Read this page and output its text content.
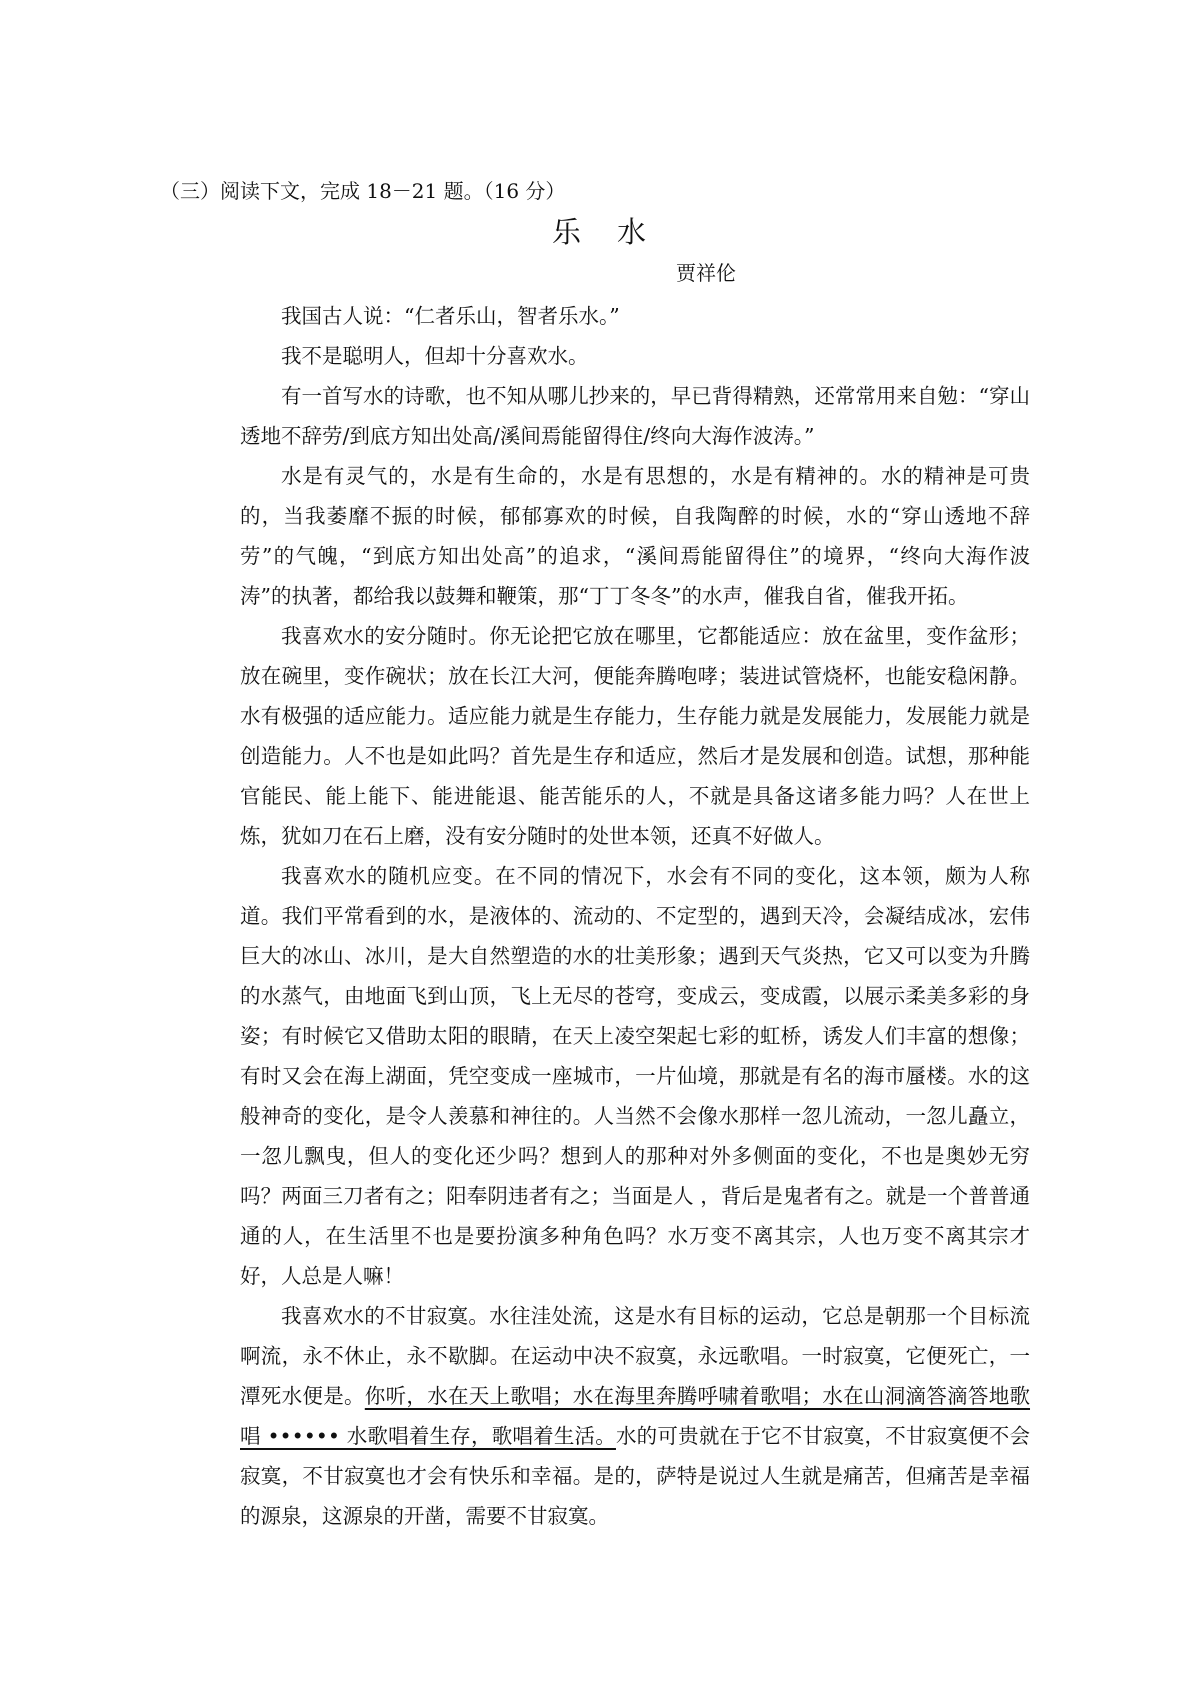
（三）阅读下文，完成 18－21 题。（16 分）
乐 水
贾祥伦

我国古人说：“仁者乐山，智者乐水。”

我不是聪明人，但却十分喜欢水。

有一首写水的诗歌，也不知从哪儿抄来的，早已背得精熟，还常常用来自勉：“穿山透地不辞劳/到底方知出处高/溪间焉能留得住/终向大海作波涛。”

水是有灵气的，水是有生命的，水是有思想的，水是有精神的。水的精神是可贵的，当我萎靡不振的时候，郁郁寡欢的时候，自我陶醉的时候，水的“穿山透地不辞劳”的气魄，“到底方知出处高”的追求，“溪间焉能留得住”的境界，“终向大海作波涛”的执著，都给我以鼓舞和鞭策，那“丁丁冬冬”的水声，催我自省，催我开拓。

我喜欢水的安分随时。你无论把它放在哪里，它都能适应：放在盆里，变作盆形；放在碗里，变作碗状；放在长江大河，便能奔腾咆哮；装进试管烧杯，也能安稳闲静。水有极强的适应能力。适应能力就是生存能力，生存能力就是发展能力，发展能力就是创造能力。人不也是如此吗？首先是生存和适应，然后才是发展和创造。试想，那种能官能民、能上能下、能进能退、能苦能乐的人，不就是具备这诸多能力吗？人在世上炼，犹如刀在石上磨，没有安分随时的处世本领，还真不好做人。

我喜欢水的随机应变。在不同的情况下，水会有不同的变化，这本领，颇为人称道。我们平常看到的水，是液体的、流动的、不定型的，遇到天冷，会凝结成冰，宏伟巨大的冰山、冰川，是大自然塑造的水的壮美形象；遇到天气炎热，它又可以变为升腾的水蒸气，由地面飞到山顶，飞上无尽的苍穹，变成云，变成霞，以展示柔美多彩的身姿；有时候它又借助太阳的眼睛，在天上凌空架起七彩的虹桥，诱发人们丰富的想像；有时又会在海上湖面，凭空变成一座城市，一片仙境，那就是有名的海市蜃楼。水的这般神奇的变化，是令人羡慕和神往的。人当然不会像水那样一忽儿流动，一忽儿矗立，一忽儿飘曳，但人的变化还少吗？想到人的那种对外多侧面的变化，不也是奥妙无穷吗？两面三刀者有之；阳奉阴违者有之；当面是人 ，背后是鬼者有之。就是一个普普通通的人，在生活里不也是要扮演多种角色吗？水万变不离其宗，人也万变不离其宗才好，人总是人嘛！

我喜欢水的不甘寂寞。水往洼处流，这是水有目标的运动，它总是朝那一个目标流啊流，永不休止，永不歇脚。在运动中决不寂寞，永远歌唱。一时寂寞，它便死亡，一潭死水便是。你听，水在天上歌唱；水在海里奔腾呼啸着歌唱；水在山洞滴答滴答地歌唱 •••••• 水歌唱着生存，歌唱着生活。水的可贵就在于它不甘寂寞，不甘寂寞便不会寂寞，不甘寂寞也才会有快乐和幸福。是的，萨特是说过人生就是痛苦，但痛苦是幸福的源泉，这源泉的开凿，需要不甘寂寞。
